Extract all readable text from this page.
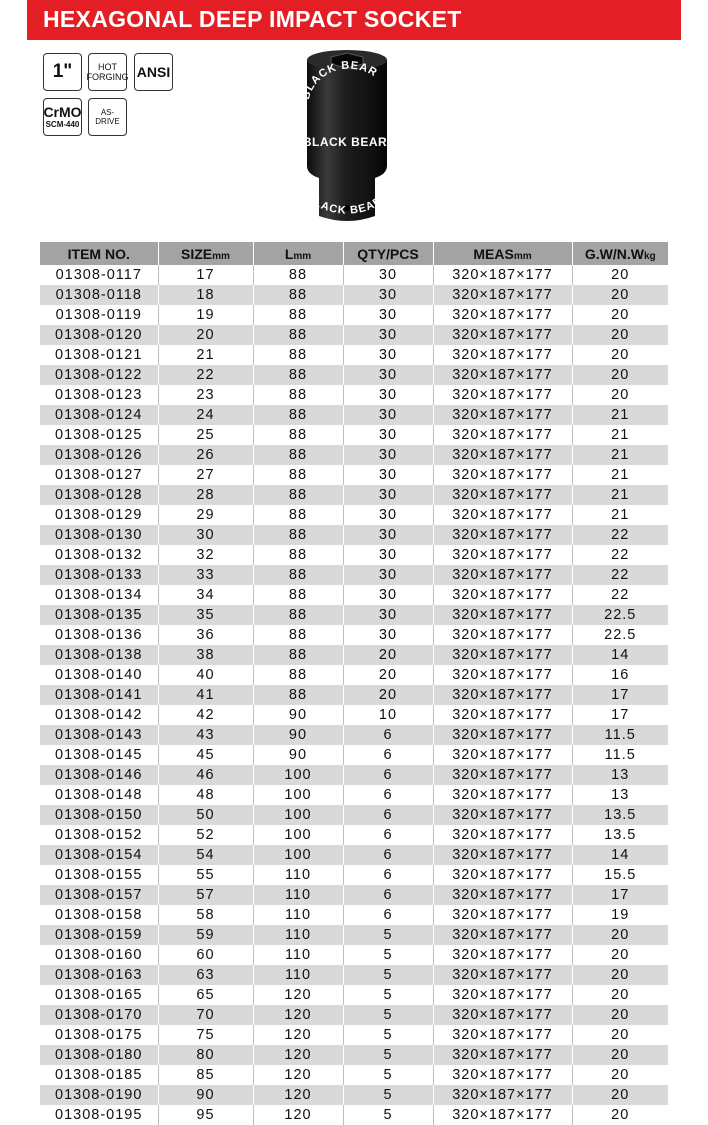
HEXAGONAL DEEP IMPACT SOCKET
1"	HOT
FORGING ANSI
CrMO
SCM-440
AS-DRIVE
BLACK BEAR
BLACK BEAR
BLACK BEAR
ITEM NO.	SIZEmm	Lmm	QTY/PCS	MEASmm	G.W/N.Wkg
01308-0117	17	88	30	320×187×177	20
01308-0118	18	88	30	320×187×177	20
01308-0119	19	88	30	320×187×177	20
01308-0120	20	88	30	320×187×177	20
01308-0121	21	88	30	320×187×177	20
01308-0122	22	88	30	320×187×177	20
01308-0123	23	88	30	320×187×177	20
01308-0124	24	88	30	320×187×177	21
01308-0125	25	88	30	320×187×177	21
01308-0126	26	88	30	320×187×177	21
01308-0127	27	88	30	320×187×177	21
01308-0128	28	88	30	320×187×177	21
01308-0129	29	88	30	320×187×177	21
01308-0130	30	88	30	320×187×177	22
01308-0132	32	88	30	320×187×177	22
01308-0133	33	88	30	320×187×177	22
01308-0134	34	88	30	320×187×177	22
01308-0135	35	88	30	320×187×177	22.5
01308-0136	36	88	30	320×187×177	22.5
01308-0138	38	88	20	320×187×177	14
01308-0140	40	88	20	320×187×177	16
01308-0141	41	88	20	320×187×177	17
01308-0142	42	90	10	320×187×177	17
01308-0143	43	90	6	320×187×177	11.5
01308-0145	45	90	6	320×187×177	11.5
01308-0146	46	100	6	320×187×177	13
01308-0148	48	100	6	320×187×177	13
01308-0150	50	100	6	320×187×177	13.5
01308-0152	52	100	6	320×187×177	13.5
01308-0154	54	100	6	320×187×177	14
01308-0155	55	110	6	320×187×177	15.5
01308-0157	57	110	6	320×187×177	17
01308-0158	58	110	6	320×187×177	19
01308-0159	59	110	5	320×187×177	20
01308-0160	60	110	5	320×187×177	20
01308-0163	63	110	5	320×187×177	20
01308-0165	65	120	5	320×187×177	20
01308-0170	70	120	5	320×187×177	20
01308-0175	75	120	5	320×187×177	20
01308-0180	80	120	5	320×187×177	20
01308-0185	85	120	5	320×187×177	20
01308-0190	90	120	5	320×187×177	20
01308-0195	95	120	5	320×187×177	20
